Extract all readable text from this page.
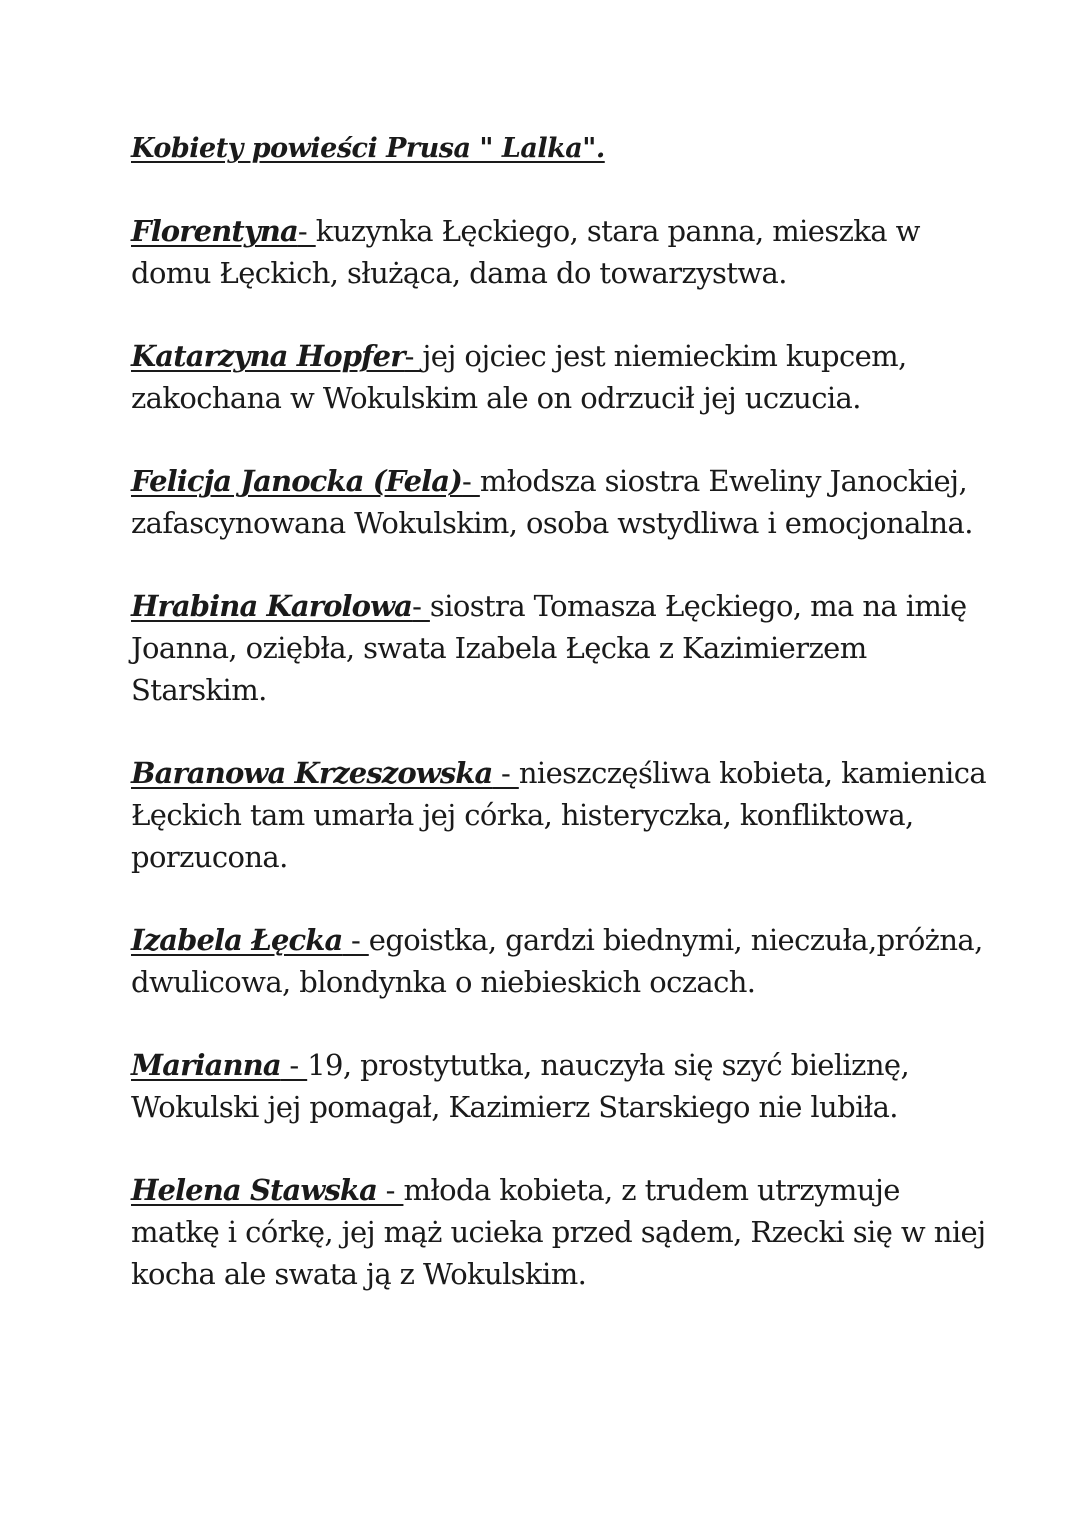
Kobiety powieści Prusa " Lalka".
Florentyna- kuzynka Łęckiego, stara panna, mieszka w domu Łęckich, służąca, dama do towarzystwa.
Katarzyna Hopfer- jej ojciec jest niemieckim kupcem, zakochana w Wokulskim ale on odrzucił jej uczucia.
Felicja Janocka (Fela)- młodsza siostra Eweliny Janockiej, zafascynowana Wokulskim, osoba wstydliwa i emocjonalna.
Hrabina Karolowa- siostra Tomasza Łęckiego, ma na imię Joanna, oziębła, swata Izabela Łęcka z Kazimierzem Starskim.
Baranowa Krzeszowska - nieszczęśliwa kobieta, kamienica Łęckich tam umarła jej córka, histeryczka, konfliktowa, porzucona.
Izabela Łęcka - egoistka, gardzi biednymi, nieczuła,próżna, dwulicowa, blondynka o niebieskich oczach.
Marianna - 19, prostytutka, nauczyła się szyć bieliznę, Wokulski jej pomagał, Kazimierz Starskiego nie lubiła.
Helena Stawska - młoda kobieta, z trudem utrzymuje matkę i córkę, jej mąż ucieka przed sądem, Rzecki się w niej kocha ale swata ją z Wokulskim.
